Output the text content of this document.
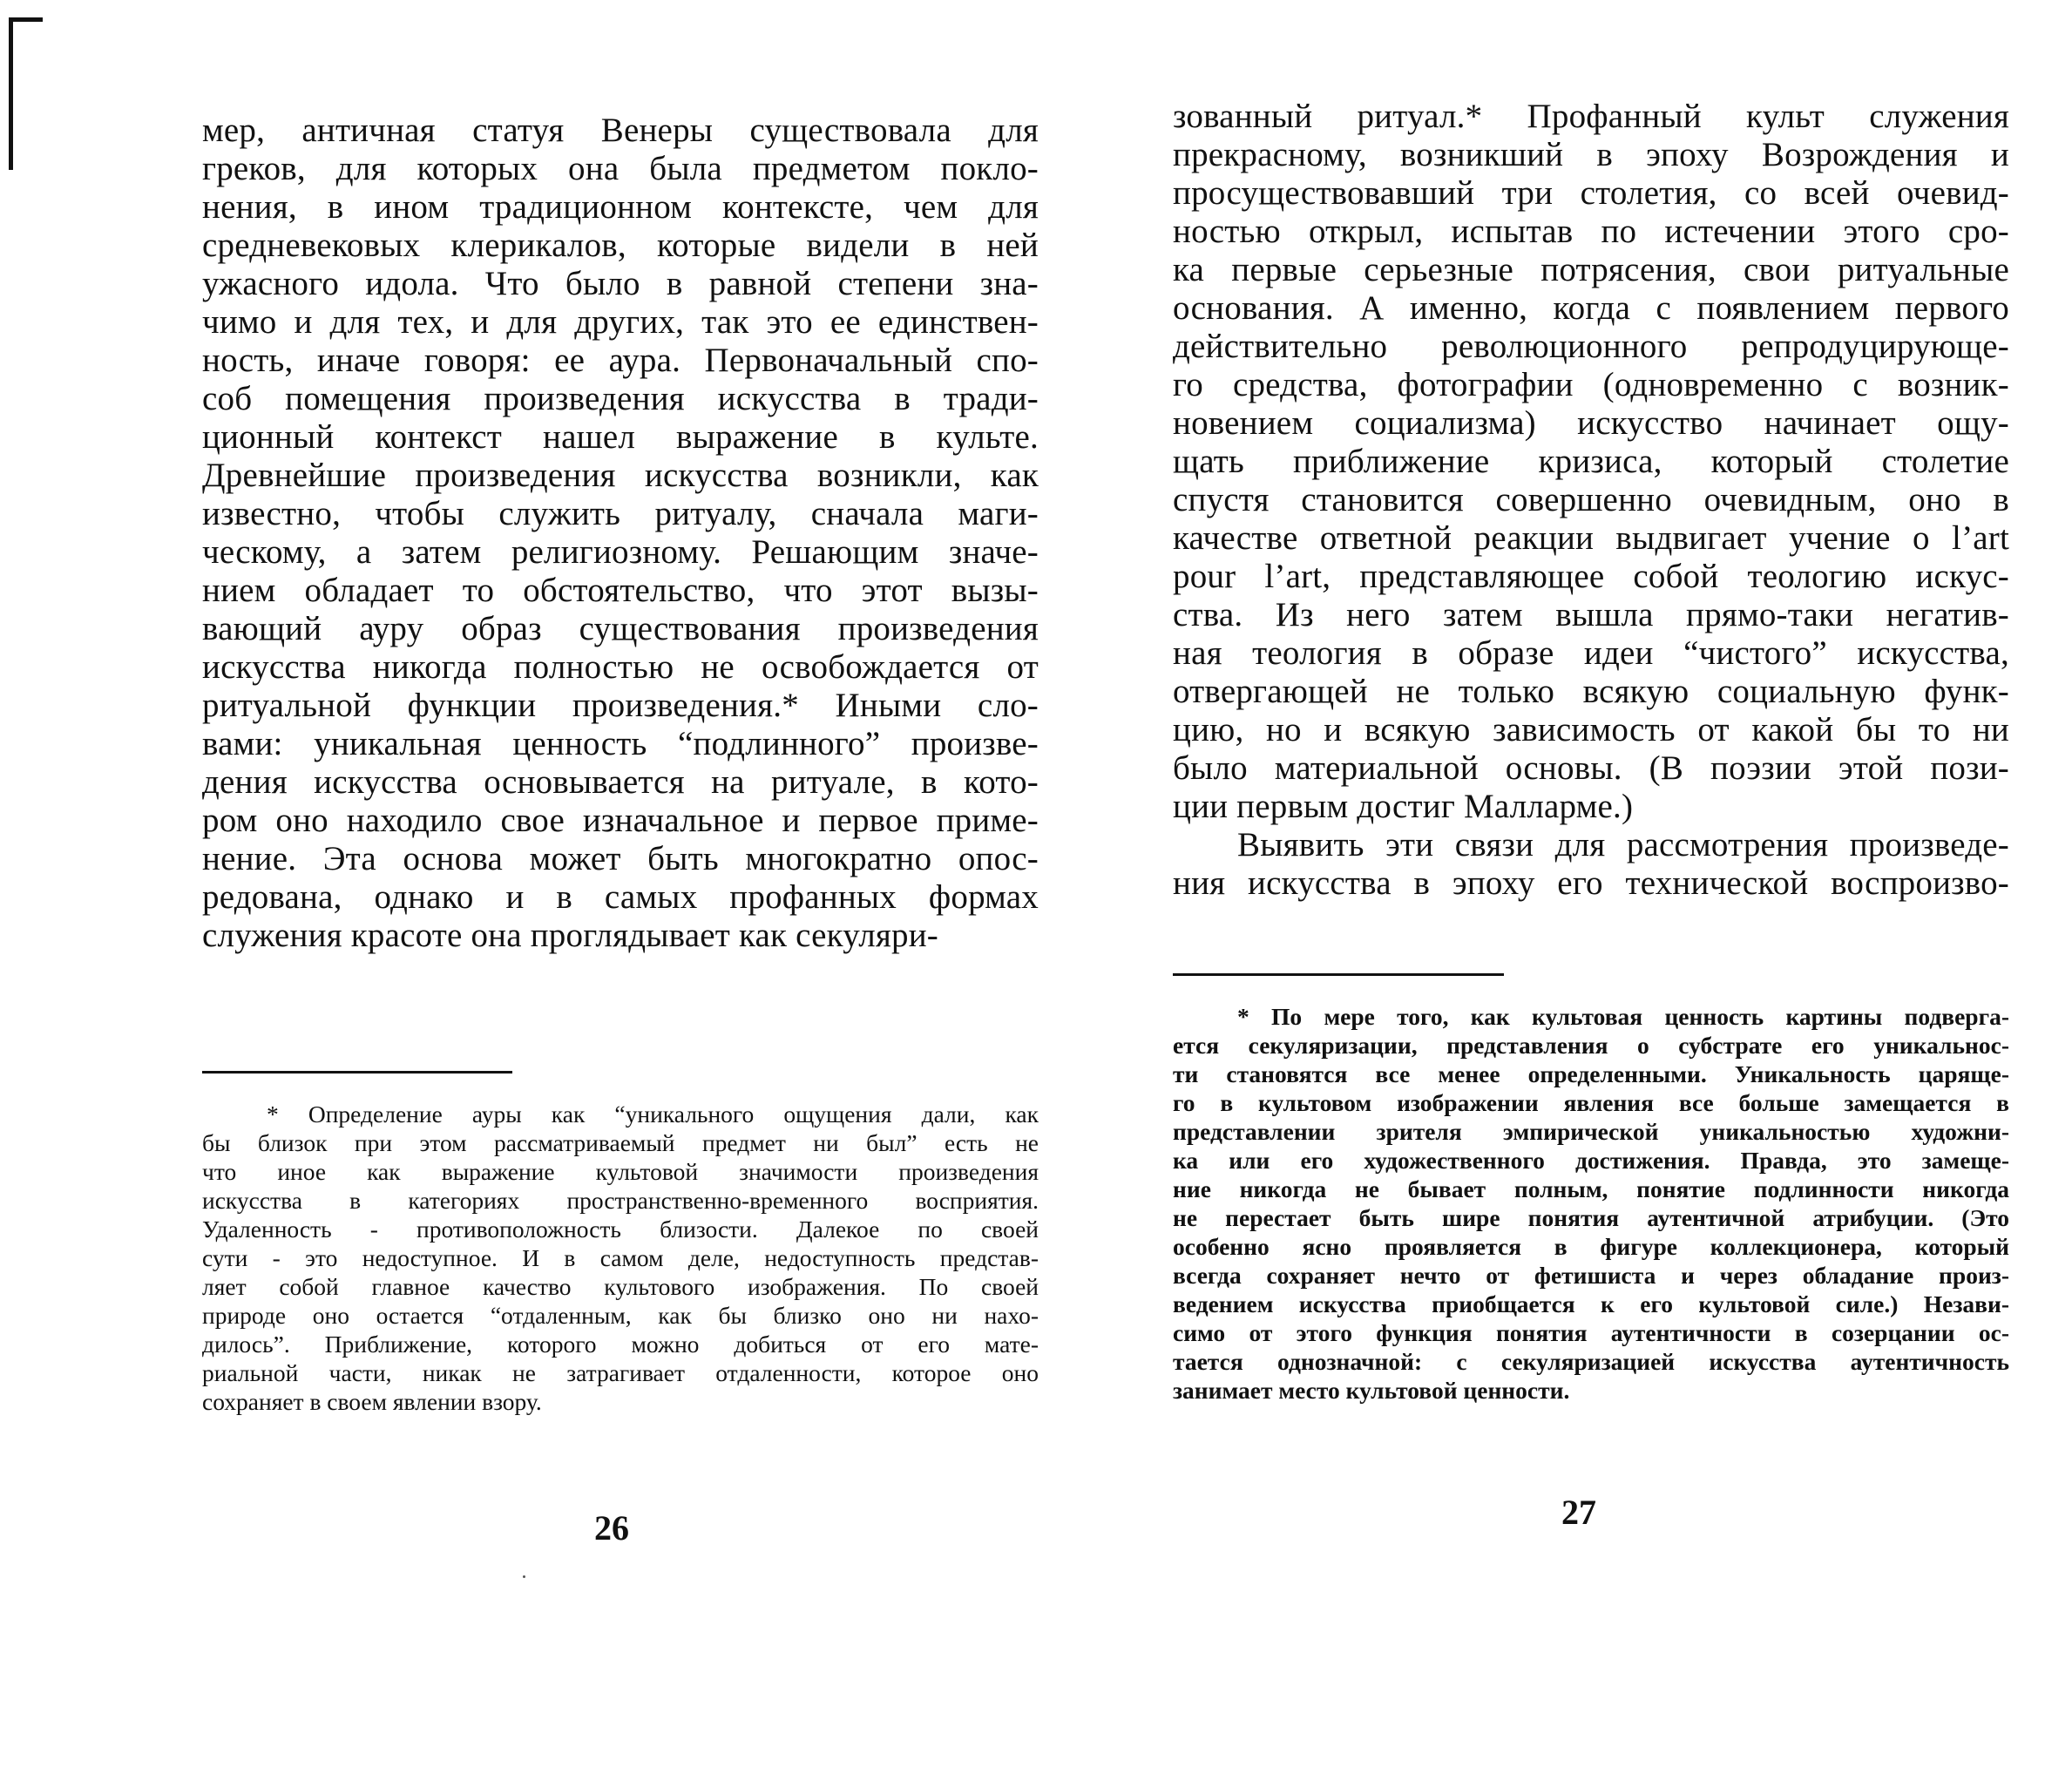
мер, античная статуя Венеры существовала для
греков, для которых она была предметом покло-
нения, в ином традиционном контексте, чем для
средневековых клерикалов, которые видели в ней
ужасного идола. Что было в равной степени зна-
чимо и для тех, и для других, так это ее единствен-
ность, иначе говоря: ее аура. Первоначальный спо-
соб помещения произведения искусства в тради-
ционный контекст нашел выражение в культе.
Древнейшие произведения искусства возникли, как
известно, чтобы служить ритуалу, сначала маги-
ческому, а затем религиозному. Решающим значе-
нием обладает то обстоятельство, что этот вызы-
вающий ауру образ существования произведения
искусства никогда полностью не освобождается от
ритуальной функции произведения.* Иными сло-
вами: уникальная ценность “подлинного” произве-
дения искусства основывается на ритуале, в кото-
ром оно находило свое изначальное и первое приме-
нение. Эта основа может быть многократно опос-
редована, однако и в самых профанных формах
служения красоте она проглядывает как секуляри-
* Определение ауры как “уникального ощущения дали, как
бы близок при этом рассматриваемый предмет ни был” есть не
что иное как выражение культовой значимости произведения
искусства в категориях пространственно-временного восприятия.
Удаленность - противоположность близости. Далекое по своей
сути - это недоступное. И в самом деле, недоступность представ-
ляет собой главное качество культового изображения. По своей
природе оно остается “отдаленным, как бы близко оно ни нахо-
дилось”. Приближение, которого можно добиться от его мате-
риальной части, никак не затрагивает отдаленности, которое оно
сохраняет в своем явлении взору.
26
зованный ритуал.* Профанный культ служения
прекрасному, возникший в эпоху Возрождения и
просуществовавший три столетия, со всей очевид-
ностью открыл, испытав по истечении этого сро-
ка первые серьезные потрясения, свои ритуальные
основания. А именно, когда с появлением первого
действительно революционного репродуцирующе-
го средства, фотографии (одновременно с возник-
новением социализма) искусство начинает ощу-
щать приближение кризиса, который столетие
спустя становится совершенно очевидным, оно в
качестве ответной реакции выдвигает учение о l’art
pour l’art, представляющее собой теологию искус-
ства. Из него затем вышла прямо-таки негатив-
ная теология в образе идеи “чистого” искусства,
отвергающей не только всякую социальную функ-
цию, но и всякую зависимость от какой бы то ни
было материальной основы. (В поэзии этой пози-
ции первым достиг Малларме.)
Выявить эти связи для рассмотрения произведе-
ния искусства в эпоху его технической воспроизво-
* По мере того, как культовая ценность картины подверга-
ется секуляризации, представления о субстрате его уникальнос-
ти становятся все менее определенными. Уникальность царяще-
го в культовом изображении явления все больше замещается в
представлении зрителя эмпирической уникальностью художни-
ка или его художественного достижения. Правда, это замеще-
ние никогда не бывает полным, понятие подлинности никогда
не перестает быть шире понятия аутентичной атрибуции. (Это
особенно ясно проявляется в фигуре коллекционера, который
всегда сохраняет нечто от фетишиста и через обладание произ-
ведением искусства приобщается к его культовой силе.) Незави-
симо от этого функция понятия аутентичности в созерцании ос-
тается однозначной: с секуляризацией искусства аутентичность
занимает место культовой ценности.
27
